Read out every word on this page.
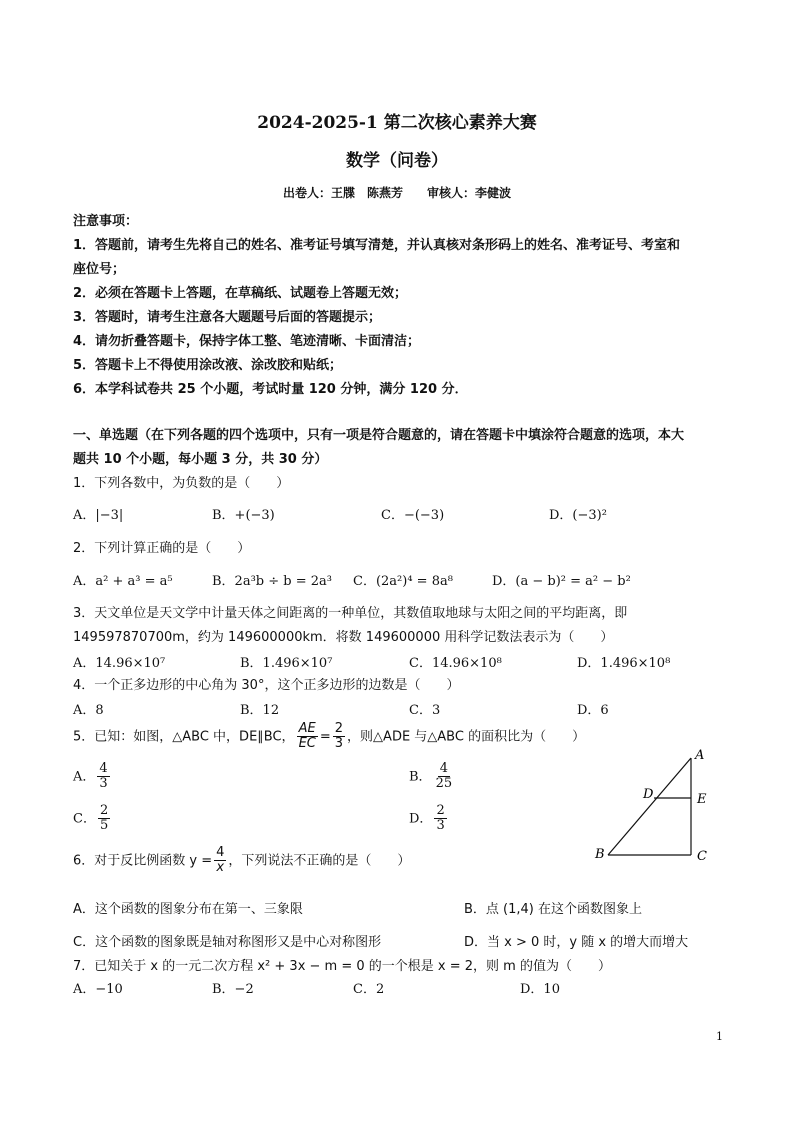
2024-2025-1 第二次核心素养大赛
数学（问卷）
出卷人：王牒　陈燕芳　　审核人：李健波
注意事项：
1．答题前，请考生先将自己的姓名、准考证号填写清楚，并认真核对条形码上的姓名、准考证号、考室和
座位号；
2．必须在答题卡上答题，在草稿纸、试题卷上答题无效；
3．答题时，请考生注意各大题题号后面的答题提示；
4．请勿折叠答题卡，保持字体工整、笔迹清晰、卡面清洁；
5．答题卡上不得使用涂改液、涂改胶和贴纸；
6．本学科试卷共 25 个小题，考试时量 120 分钟，满分 120 分．
一、单选题（在下列各题的四个选项中，只有一项是符合题意的，请在答题卡中填涂符合题意的选项，本大
题共 10 个小题，每小题 3 分，共 30 分）
1．下列各数中，为负数的是（　　）
A．|−3|	B．+(−3)	C．−(−3)	D．(−3)²
2．下列计算正确的是（　　）
A．a² + a³ = a⁵	B．2a³b ÷ b = 2a³ C．(2a²)⁴ = 8a⁸	D．(a − b)² = a² − b²
3．天文单位是天文学中计量天体之间距离的一种单位，其数值取地球与太阳之间的平均距离，即
149597870700m，约为 149600000km．将数 149600000 用科学记数法表示为（　　）
A．14.96×10⁷	B．1.496×10⁷	C．14.96×10⁸	D．1.496×10⁸
4．一个正多边形的中心角为 30°，这个正多边形的边数是（　　）
A．8	B．12	C．3	D．6
5．已知：如图，△ABC 中，DE∥BC， $\frac{AE}{EC} = \frac{2}{3}$ ，则△ADE 与△ABC 的面积比为（　　）
A． $\frac{4}{3}$	B． $\frac{4}{25}$
C． $\frac{2}{5}$	D． $\frac{2}{3}$
A
D	E
B	C
6．对于反比例函数 $y = \frac{4}{x}$ ，下列说法不正确的是（　　）
A．这个函数的图象分布在第一、三象限	B．点 (1,4) 在这个函数图象上
C．这个函数的图象既是轴对称图形又是中心对称图形	D．当 x > 0 时，y 随 x 的增大而增大
7．已知关于 x 的一元二次方程 x² + 3x − m = 0 的一个根是 x = 2，则 m 的值为（　　）
A．−10	B．−2	C．2	D．10
1
